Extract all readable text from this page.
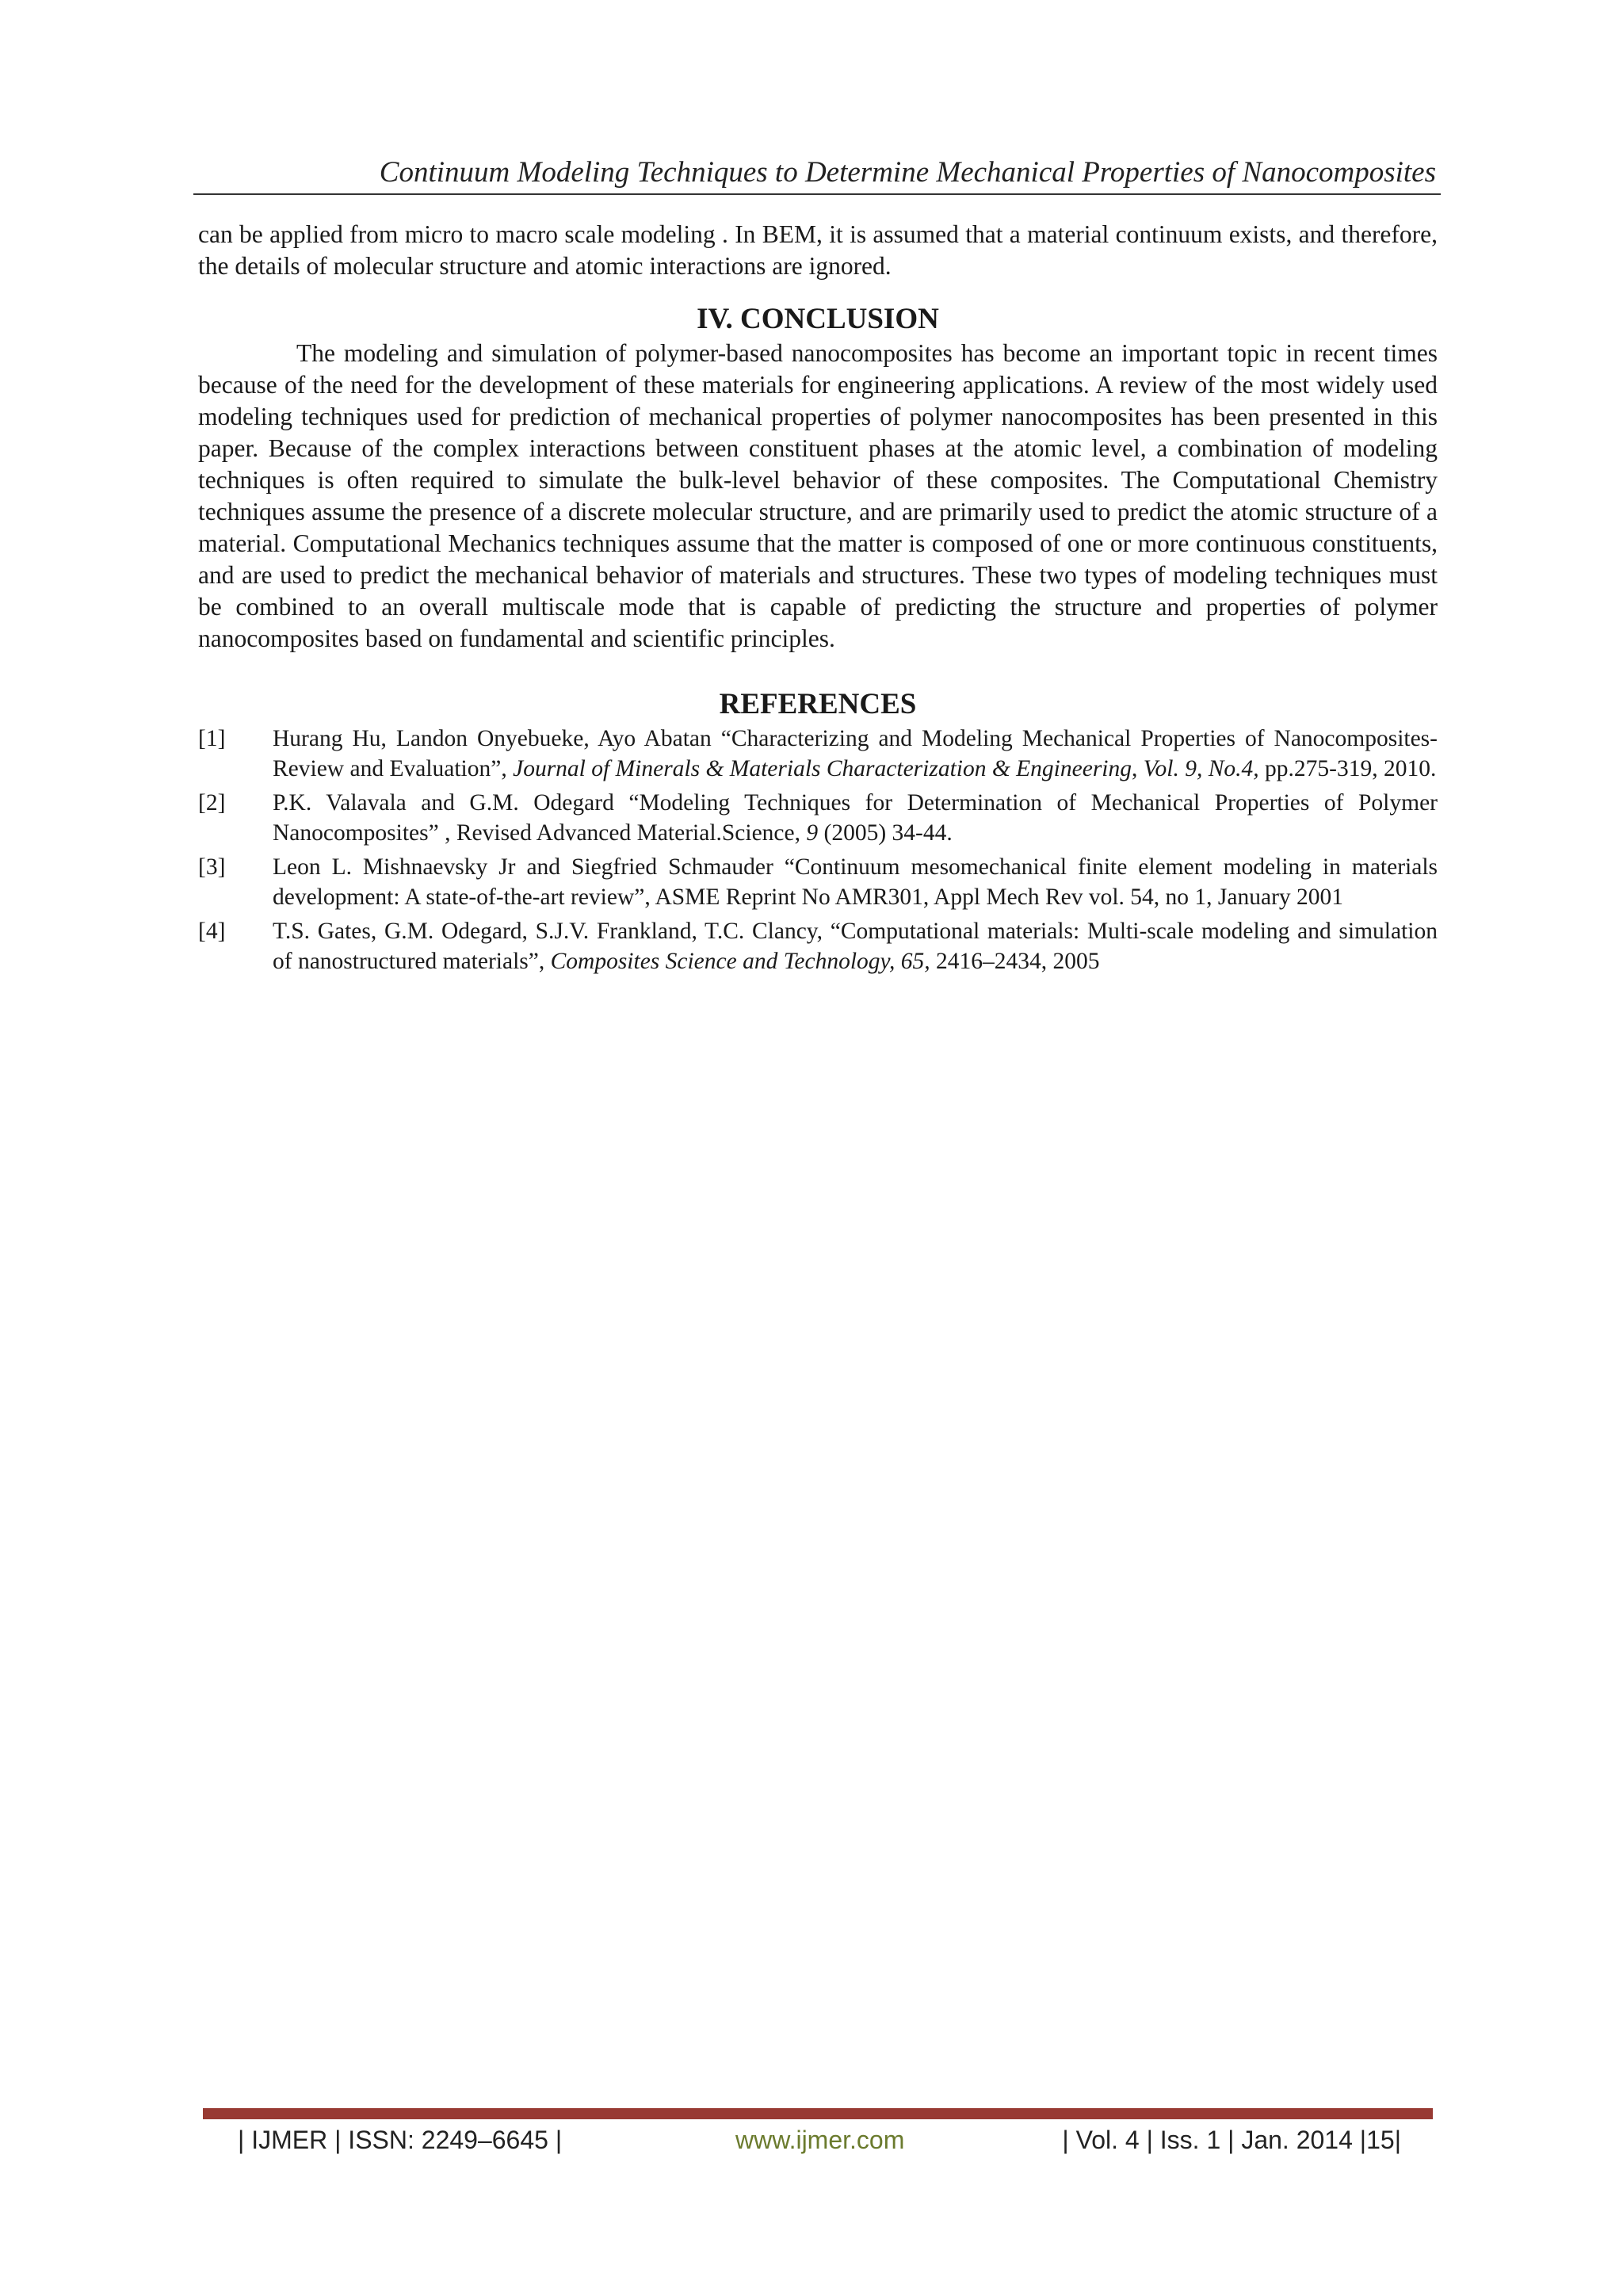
Continuum Modeling Techniques to Determine Mechanical Properties of Nanocomposites

can be applied from micro to macro scale modeling . In BEM, it is assumed that a material continuum exists, and therefore, the details of molecular structure and atomic interactions are ignored.

IV. CONCLUSION

The modeling and simulation of polymer-based nanocomposites has become an important topic in recent times because of the need for the development of these materials for engineering applications. A review of the most widely used modeling techniques used for prediction of mechanical properties of polymer nanocomposites has been presented in this paper. Because of the complex interactions between constituent phases at the atomic level, a combination of modeling techniques is often required to simulate the bulk-level behavior of these composites. The Computational Chemistry techniques assume the presence of a discrete molecular structure, and are primarily used to predict the atomic structure of a material. Computational Mechanics techniques assume that the matter is composed of one or more continuous constituents, and are used to predict the mechanical behavior of materials and structures. These two types of modeling techniques must be combined to an overall multiscale mode that is capable of predicting the structure and properties of polymer nanocomposites based on fundamental and scientific principles.

REFERENCES
[1]	Hurang Hu, Landon Onyebueke, Ayo Abatan “Characterizing and Modeling Mechanical Properties of Nanocomposites- Review and Evaluation”, Journal of Minerals & Materials Characterization & Engineering, Vol. 9, No.4, pp.275-319, 2010.
[2]	P.K. Valavala and G.M. Odegard “Modeling Techniques for Determination of Mechanical Properties of Polymer Nanocomposites” , Revised Advanced Material.Science, 9 (2005) 34-44.
[3]	Leon L. Mishnaevsky Jr and Siegfried Schmauder “Continuum mesomechanical finite element modeling in materials development: A state-of-the-art review”, ASME Reprint No AMR301, Appl Mech Rev vol. 54, no 1, January 2001
[4]	T.S. Gates, G.M. Odegard, S.J.V. Frankland, T.C. Clancy, “Computational materials: Multi-scale modeling and simulation of nanostructured materials”, Composites Science and Technology, 65, 2416–2434, 2005
| IJMER | ISSN: 2249–6645 |	www.ijmer.com	| Vol. 4 | Iss. 1 | Jan. 2014 |15|
